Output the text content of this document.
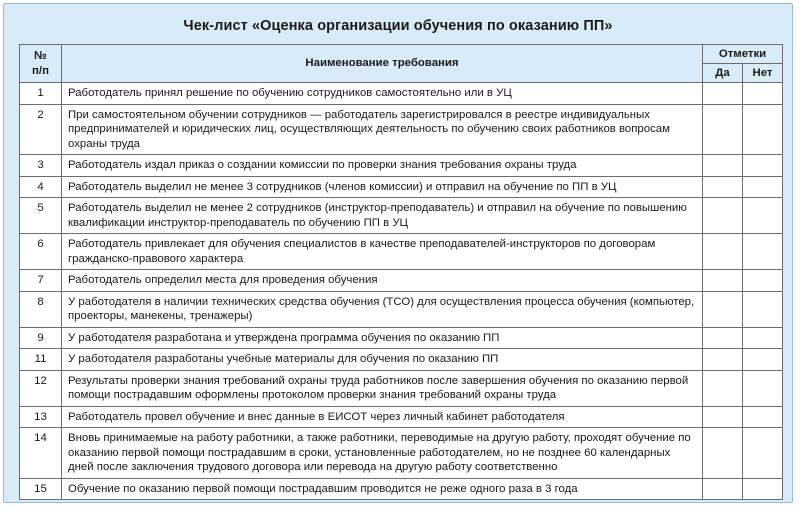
Чек-лист «Оценка организации обучения по оказанию ПП»
№
п/п	Наименование требования	Отметки	
		Да	Нет
1	Работодатель принял решение по обучению сотрудников самостоятельно или в УЦ		
2	При самостоятельном обучении сотрудников — работодатель зарегистрировался в реестре индивидуальных предпринимателей и юридических лиц, осуществляющих деятельность по обучению своих работников вопросам охраны труда		
3	Работодатель издал приказ о создании комиссии по проверки знания требования охраны труда		
4	Работодатель выделил не менее 3 сотрудников (членов комиссии) и отправил на обучение по ПП в УЦ		
5	Работодатель выделил не менее 2 сотрудников (инструктор-преподаватель) и отправил на обучение по повышению квалификации инструктор-преподаватель по обучению ПП в УЦ		
6	Работодатель привлекает для обучения специалистов в качестве преподавателей-инструкторов по договорам гражданско-правового характера		
7	Работодатель определил места для проведения обучения		
8	У работодателя в наличии технических средства обучения (ТСО) для осуществления процесса обучения (компьютер, проекторы, манекены, тренажеры)		
9	У работодателя разработана и утверждена программа обучения по оказанию ПП		
11	У работодателя разработаны учебные материалы для обучения по оказанию ПП		
12	Результаты проверки знания требований охраны труда работников после завершения обучения по оказанию первой помощи пострадавшим оформлены протоколом проверки знания требований охраны труда		
13	Работодатель провел обучение и внес данные в ЕИСОТ через личный кабинет работодателя		
14	Вновь принимаемые на работу работники, а также работники, переводимые на другую работу, проходят обучение по оказанию первой помощи пострадавшим в сроки, установленные работодателем, но не позднее 60 календарных дней после заключения трудового договора или перевода на другую работу соответственно		
15	Обучение по оказанию первой помощи пострадавшим проводится не реже одного раза в 3 года		
